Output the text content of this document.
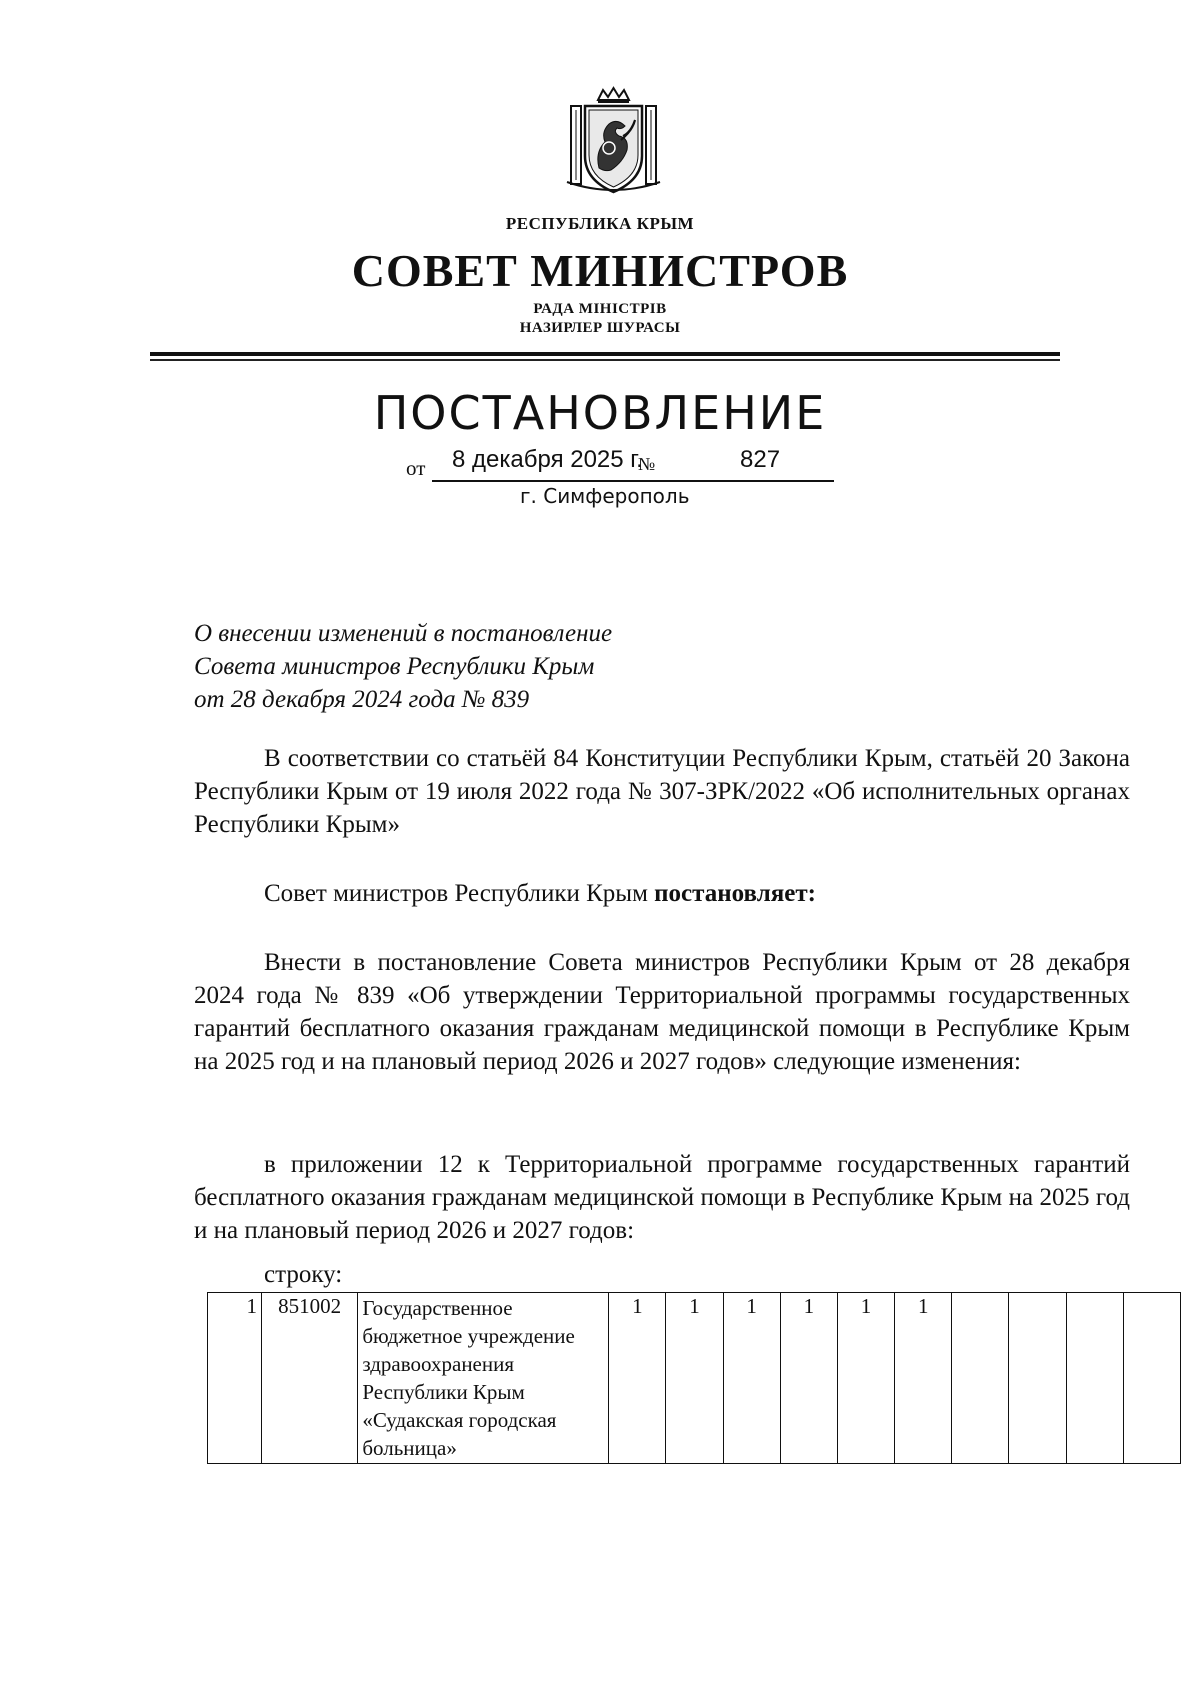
РЕСПУБЛИКА КРЫМ
СОВЕТ МИНИСТРОВ
РАДА МІНІСТРІВ
НАЗИРЛЕР ШУРАСЫ
ПОСТАНОВЛЕНИЕ
от 8 декабря 2025 г.
№	827
г. Симферополь
О внесении изменений в постановление
Совета министров Республики Крым
от 28 декабря 2024 года № 839
В соответствии со статьёй 84 Конституции Республики Крым, статьёй 20 Закона Республики Крым от 19 июля 2022 года № 307-ЗРК/2022 «Об исполнительных органах Республики Крым»
Совет министров Республики Крым постановляет:
Внести в постановление Совета министров Республики Крым от 28 декабря 2024 года № 839 «Об утверждении Территориальной программы государственных гарантий бесплатного оказания гражданам медицинской помощи в Республике Крым на 2025 год и на плановый период 2026 и 2027 годов» следующие изменения:
в приложении 12 к Территориальной программе государственных гарантий бесплатного оказания гражданам медицинской помощи в Республике Крым на 2025 год и на плановый период 2026 и 2027 годов:
строку:
1	851002	Государственное бюджетное учреждение здравоохранения Республики Крым «Судакская городская больница»	1	1	1	1	1	1				
